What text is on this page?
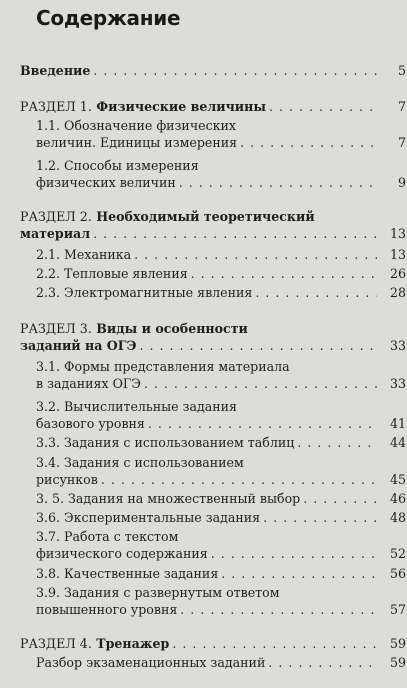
Содержание
Введение . . .	5
РАЗДЕЛ 1. Физические величины . . .	7
1.1. Обозначение физических
величин. Единицы измерения . . .	7
1.2. Способы измерения
физических величин . . .	9
РАЗДЕЛ 2. Необходимый теоретический
материал . . .	13
2.1. Механика . . .	13
2.2. Тепловые явления . . .	26
2.3. Электромагнитные явления . . .	28
РАЗДЕЛ 3. Виды и особенности
заданий на ОГЭ . . .	33
3.1. Формы представления материала
в заданиях ОГЭ . . .	33
3.2. Вычислительные задания
базового уровня . . .	41
3.3. Задания с использованием таблиц . . .	44
3.4. Задания с использованием
рисунков . . .	45
3. 5. Задания на множественный выбор . . .	46
3.6. Экспериментальные задания . . .	48
3.7. Работа с текстом
физического содержания . . .	52
3.8. Качественные задания . . .	56
3.9. Задания с развернутым ответом
повышенного уровня . . .	57
РАЗДЕЛ 4. Тренажер . . .	59
Разбор экзаменационных заданий . . .	59
